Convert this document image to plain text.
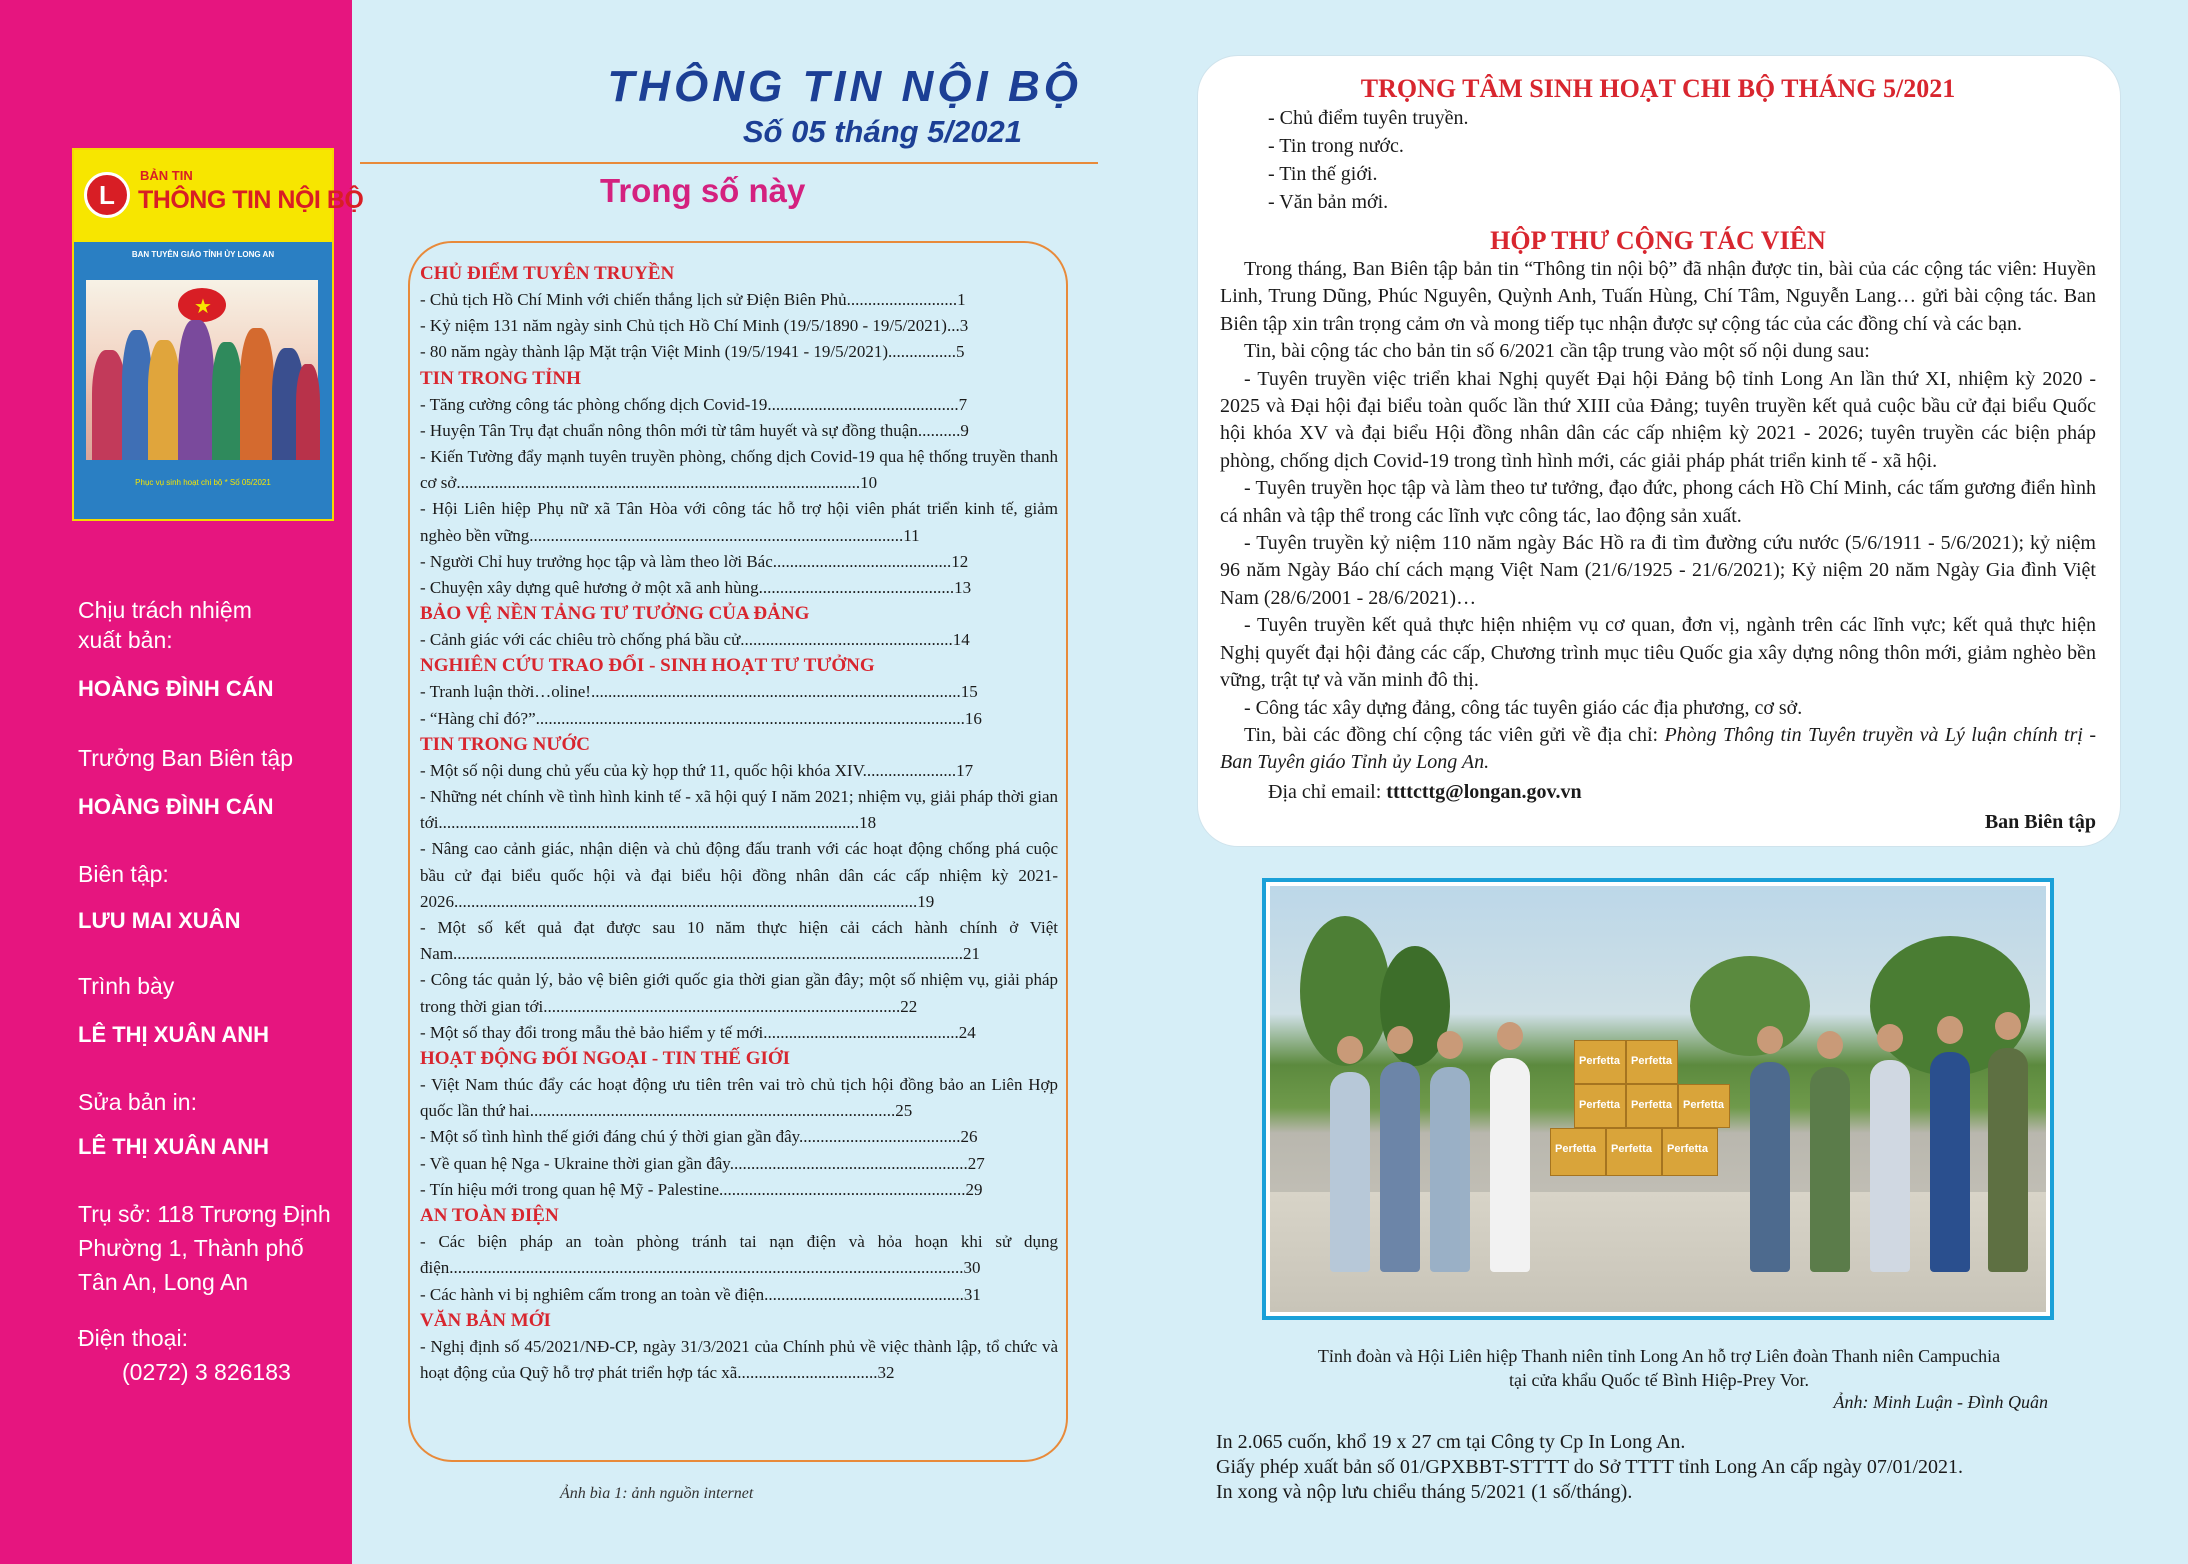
L
BẢN TIN
THÔNG TIN NỘI BỘ
BAN TUYÊN GIÁO TỈNH ỦY LONG AN
★
Phục vụ sinh hoạt chi bộ * Số 05/2021
Chịu trách nhiệm
xuất bản:
HOÀNG ĐÌNH CÁN
Trưởng Ban Biên tập
HOÀNG ĐÌNH CÁN
Biên tập:
LƯU MAI XUÂN
Trình bày
LÊ THỊ XUÂN ANH
Sửa bản in:
LÊ THỊ XUÂN ANH
Trụ sở: 118 Trương Định
Phường 1, Thành phố
Tân An, Long An
Điện thoại:
(0272) 3 826183
THÔNG TIN NỘI BỘ
Số 05 tháng 5/2021
Trong số này
CHỦ ĐIỂM TUYÊN TRUYỀN
- Chủ tịch Hồ Chí Minh với chiến thắng lịch sử Điện Biên Phủ..........................1
- Kỷ niệm 131 năm ngày sinh Chủ tịch Hồ Chí Minh (19/5/1890 - 19/5/2021)...3
- 80 năm ngày thành lập Mặt trận Việt Minh (19/5/1941 - 19/5/2021)................5
TIN TRONG TỈNH
- Tăng cường công tác phòng chống dịch Covid-19.............................................7
- Huyện Tân Trụ đạt chuẩn nông thôn mới từ tâm huyết và sự đồng thuận..........9
- Kiến Tường đẩy mạnh tuyên truyền phòng, chống dịch Covid-19 qua hệ thống truyền thanh cơ sở...............................................................................................10
- Hội Liên hiệp Phụ nữ xã Tân Hòa với công tác hỗ trợ hội viên phát triển kinh tế, giảm nghèo bền vững........................................................................................11
- Người Chỉ huy trưởng học tập và làm theo lời Bác..........................................12
- Chuyện xây dựng quê hương ở một xã anh hùng..............................................13
BẢO VỆ NỀN TẢNG TƯ TƯỞNG CỦA ĐẢNG
- Cảnh giác với các chiêu trò chống phá bầu cử..................................................14
NGHIÊN CỨU TRAO ĐỔI - SINH HOẠT TƯ TƯỞNG
- Tranh luận thời…oline!.......................................................................................15
- “Hàng chỉ đó?”.....................................................................................................16
TIN TRONG NƯỚC
- Một số nội dung chủ yếu của kỳ họp thứ 11, quốc hội khóa XIV......................17
- Những nét chính về tình hình kinh tế - xã hội quý I năm 2021; nhiệm vụ, giải pháp thời gian tới...................................................................................................18
- Nâng cao cảnh giác, nhận diện và chủ động đấu tranh với các hoạt động chống phá cuộc bầu cử đại biểu quốc hội và đại biểu hội đồng nhân dân các cấp nhiệm kỳ 2021-2026.............................................................................................................19
- Một số kết quả đạt được sau 10 năm thực hiện cải cách hành chính ở Việt Nam........................................................................................................................21
- Công tác quản lý, bảo vệ biên giới quốc gia thời gian gần đây; một số nhiệm vụ, giải pháp trong thời gian tới....................................................................................22
- Một số thay đổi trong mẫu thẻ bảo hiểm y tế mới..............................................24
HOẠT ĐỘNG ĐỐI NGOẠI - TIN THẾ GIỚI
- Việt Nam thúc đẩy các hoạt động ưu tiên trên vai trò chủ tịch hội đồng bảo an Liên Hợp quốc lần thứ hai......................................................................................25
- Một số tình hình thế giới đáng chú ý thời gian gần đây......................................26
- Về quan hệ Nga - Ukraine thời gian gần đây........................................................27
- Tín hiệu mới trong quan hệ Mỹ - Palestine..........................................................29
AN TOÀN ĐIỆN
- Các biện pháp an toàn phòng tránh tai nạn điện và hỏa hoạn khi sử dụng điện.........................................................................................................................30
- Các hành vi bị nghiêm cấm trong an toàn về điện...............................................31
VĂN BẢN MỚI
- Nghị định số 45/2021/NĐ-CP, ngày 31/3/2021 của Chính phủ về việc thành lập, tổ chức và hoạt động của Quỹ hỗ trợ phát triển hợp tác xã.................................32
Ảnh bìa 1: ảnh nguồn internet
TRỌNG TÂM SINH HOẠT CHI BỘ THÁNG 5/2021
- Chủ điểm tuyên truyền.
- Tin trong nước.
- Tin thế giới.
- Văn bản mới.
HỘP THƯ CỘNG TÁC VIÊN

Trong tháng, Ban Biên tập bản tin “Thông tin nội bộ” đã nhận được tin, bài của các cộng tác viên: Huyền Linh, Trung Dũng, Phúc Nguyên, Quỳnh Anh, Tuấn Hùng, Chí Tâm, Nguyễn Lang… gửi bài cộng tác. Ban Biên tập xin trân trọng cảm ơn và mong tiếp tục nhận được sự cộng tác của các đồng chí và các bạn.

Tin, bài cộng tác cho bản tin số 6/2021 cần tập trung vào một số nội dung sau:

- Tuyên truyền việc triển khai Nghị quyết Đại hội Đảng bộ tỉnh Long An lần thứ XI, nhiệm kỳ 2020 - 2025 và Đại hội đại biểu toàn quốc lần thứ XIII của Đảng; tuyên truyền kết quả cuộc bầu cử đại biểu Quốc hội khóa XV và đại biểu Hội đồng nhân dân các cấp nhiệm kỳ 2021 - 2026; tuyên truyền các biện pháp phòng, chống dịch Covid-19 trong tình hình mới, các giải pháp phát triển kinh tế - xã hội.

- Tuyên truyền học tập và làm theo tư tưởng, đạo đức, phong cách Hồ Chí Minh, các tấm gương điển hình cá nhân và tập thể trong các lĩnh vực công tác, lao động sản xuất.

- Tuyên truyền kỷ niệm 110 năm ngày Bác Hồ ra đi tìm đường cứu nước (5/6/1911 - 5/6/2021); kỷ niệm 96 năm Ngày Báo chí cách mạng Việt Nam (21/6/1925 - 21/6/2021); Kỷ niệm 20 năm Ngày Gia đình Việt Nam (28/6/2001 - 28/6/2021)…

- Tuyên truyền kết quả thực hiện nhiệm vụ cơ quan, đơn vị, ngành trên các lĩnh vực; kết quả thực hiện Nghị quyết đại hội đảng các cấp, Chương trình mục tiêu Quốc gia xây dựng nông thôn mới, giảm nghèo bền vững, trật tự và văn minh đô thị.

- Công tác xây dựng đảng, công tác tuyên giáo các địa phương, cơ sở.

Tin, bài các đồng chí cộng tác viên gửi về địa chỉ: Phòng Thông tin Tuyên truyền và Lý luận chính trị - Ban Tuyên giáo Tỉnh ủy Long An.

Địa chỉ email: ttttcttg@longan.gov.vn
Ban Biên tập
Perfetta Perfetta
Perfetta Perfetta Perfetta
Perfetta Perfetta Perfetta
Tỉnh đoàn và Hội Liên hiệp Thanh niên tỉnh Long An hỗ trợ Liên đoàn Thanh niên Campuchia
tại cửa khẩu Quốc tế Bình Hiệp-Prey Vor.
Ảnh: Minh Luận - Đình Quân
In 2.065 cuốn, khổ 19 x 27 cm tại Công ty Cp In Long An.
Giấy phép xuất bản số 01/GPXBBT-STTTT do Sở TTTT tỉnh Long An cấp ngày 07/01/2021.
In xong và nộp lưu chiểu tháng 5/2021 (1 số/tháng).
